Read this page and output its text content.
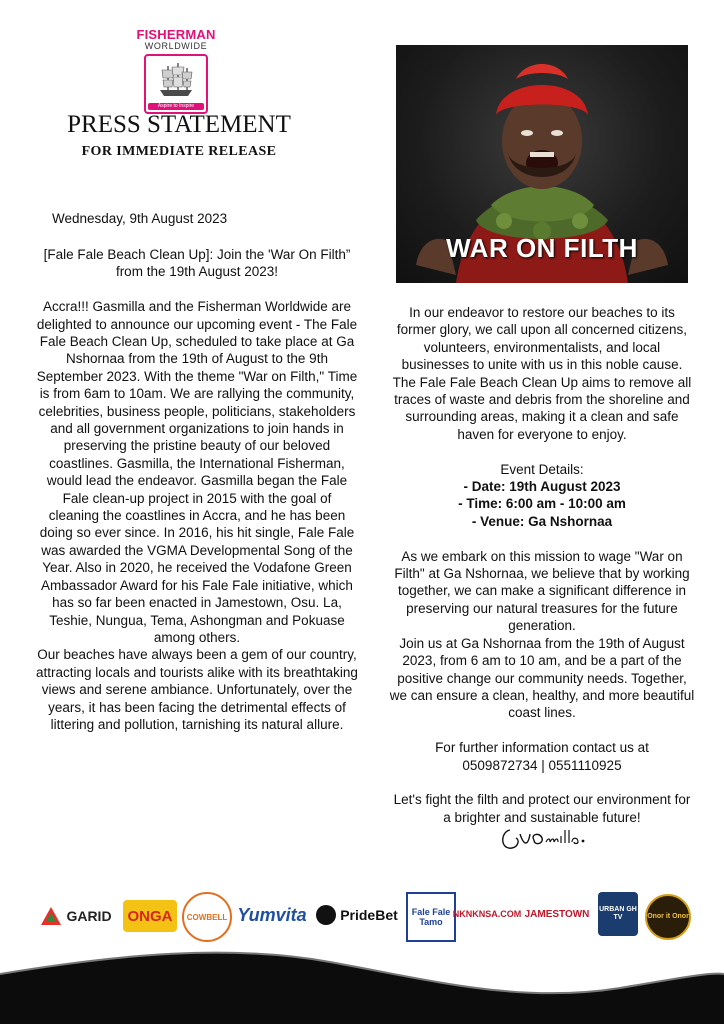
FISHERMAN
WORLDWIDE
Aspire to Inspire
PRESS STATEMENT
FOR IMMEDIATE RELEASE
Wednesday, 9th August 2023

[Fale Fale Beach Clean Up]: Join the 'War On Filth” from the 19th August 2023!

Accra!!! Gasmilla and the Fisherman Worldwide are delighted to announce our upcoming event - The Fale Fale Beach Clean Up, scheduled to take place at Ga Nshornaa from the 19th of August to the 9th September 2023. With the theme "War on Filth," Time is from 6am to 10am. We are rallying the community, celebrities, business people, politicians, stakeholders and all government organizations to join hands in preserving the pristine beauty of our beloved coastlines. Gasmilla, the International Fisherman, would lead the endeavor. Gasmilla began the Fale Fale clean-up project in 2015 with the goal of cleaning the coastlines in Accra, and he has been doing so ever since. In 2016, his hit single, Fale Fale was awarded the VGMA Developmental Song of the Year. Also in 2020, he received the Vodafone Green Ambassador Award for his Fale Fale initiative, which has so far been enacted in Jamestown, Osu. La, Teshie, Nungua, Tema, Ashongman and Pokuase among others.

Our beaches have always been a gem of our country, attracting locals and tourists alike with its breathtaking views and serene ambiance. Unfortunately, over the years, it has been facing the detrimental effects of littering and pollution, tarnishing its natural allure.

WAR ON FILTH

In our endeavor to restore our beaches to its former glory, we call upon all concerned citizens, volunteers, environmentalists, and local businesses to unite with us in this noble cause. The Fale Fale Beach Clean Up aims to remove all traces of waste and debris from the shoreline and surrounding areas, making it a clean and safe haven for everyone to enjoy.

Event Details:

- Date: 19th August 2023

- Time: 6:00 am - 10:00 am

- Venue: Ga Nshornaa

As we embark on this mission to wage "War on Filth" at Ga Nshornaa, we believe that by working together, we can make a significant difference in preserving our natural treasures for the future generation.

Join us at Ga Nshornaa from the 19th of August 2023, from 6 am to 10 am, and be a part of the positive change our community needs. Together, we can ensure a clean, healthy, and more beautiful coast lines.

For further information contact us at

0509872734 | 0551110925

Let's fight the filth and protect our environment for a brighter and sustainable future!

GARID ONGA COWBELL Yumvita PrideBet	Fale Fale Tamo
NKNKNSA.COM JAMESTOWN URBAN GH TV	Onor it Onor
